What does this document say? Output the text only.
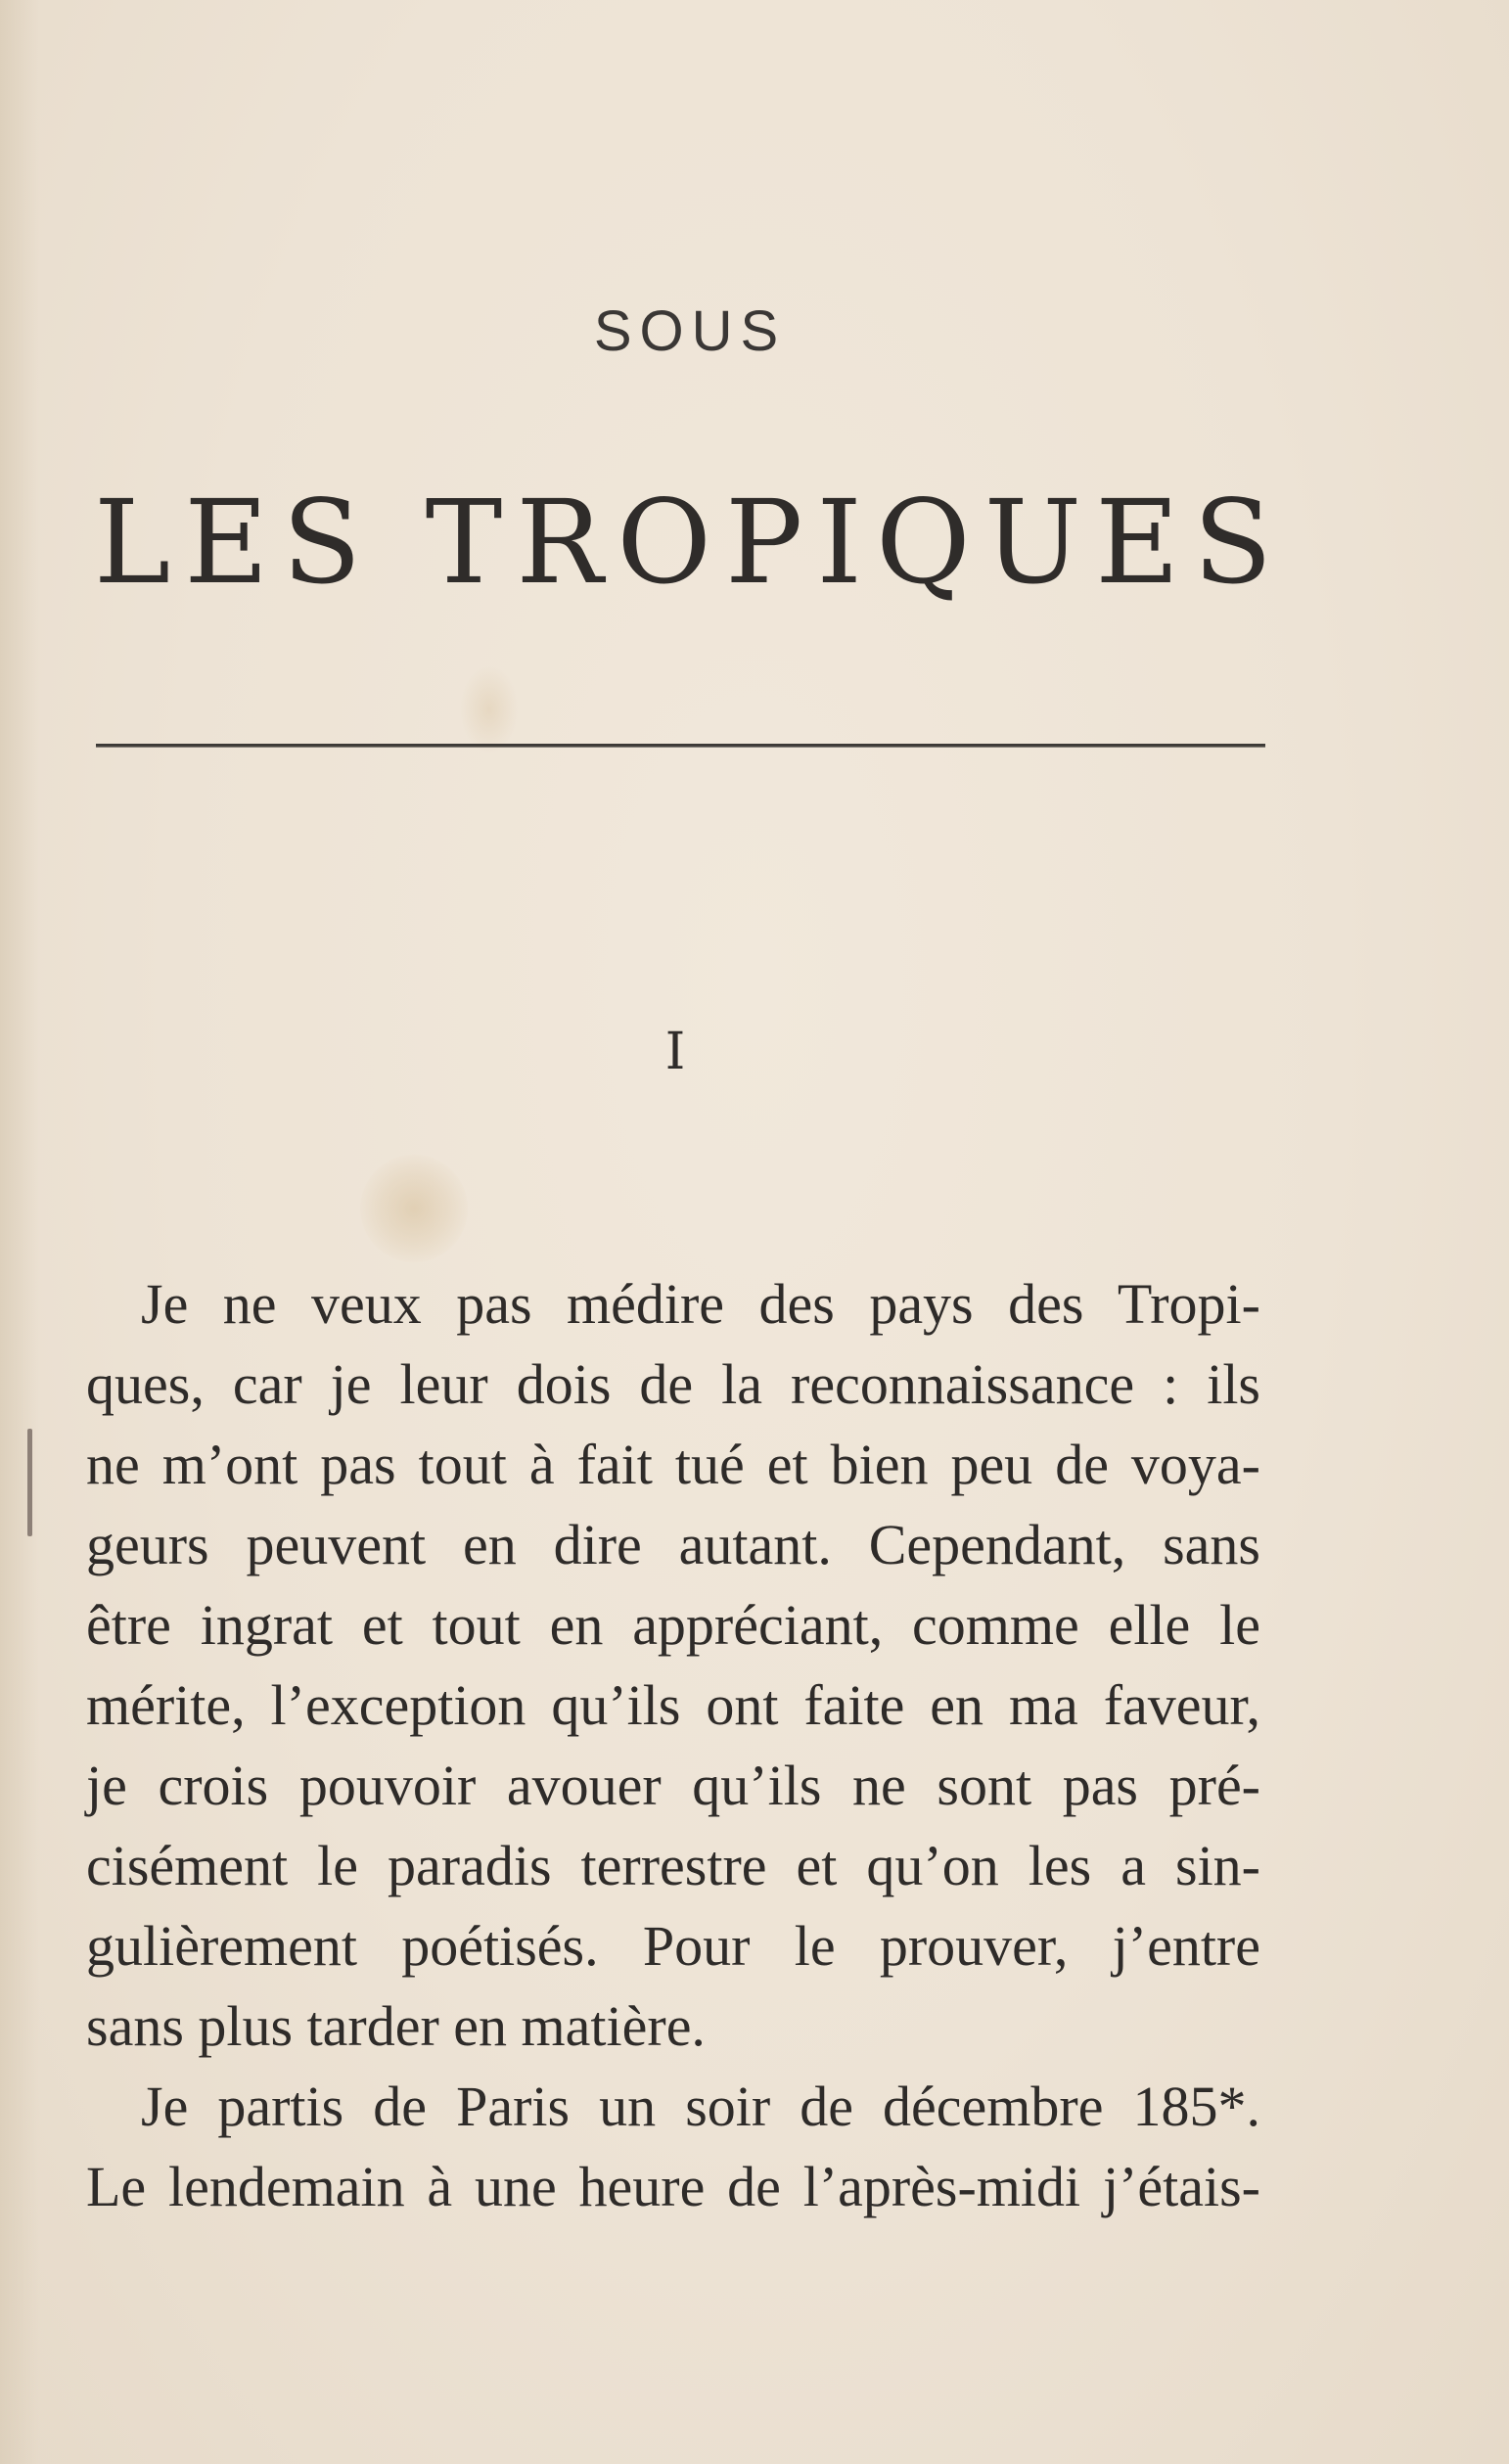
SOUS
LES TROPIQUES
I
Je ne veux pas médire des pays des Tropi-
ques, car je leur dois de la reconnaissance : ils
ne m’ont pas tout à fait tué et bien peu de voya-
geurs peuvent en dire autant. Cependant, sans
être ingrat et tout en appréciant, comme elle le
mérite, l’exception qu’ils ont faite en ma faveur,
je crois pouvoir avouer qu’ils ne sont pas pré-
cisément le paradis terrestre et qu’on les a sin-
gulièrement poétisés. Pour le prouver, j’entre
sans plus tarder en matière.
Je partis de Paris un soir de décembre 185*.
Le lendemain à une heure de l’après-midi j’étais-
